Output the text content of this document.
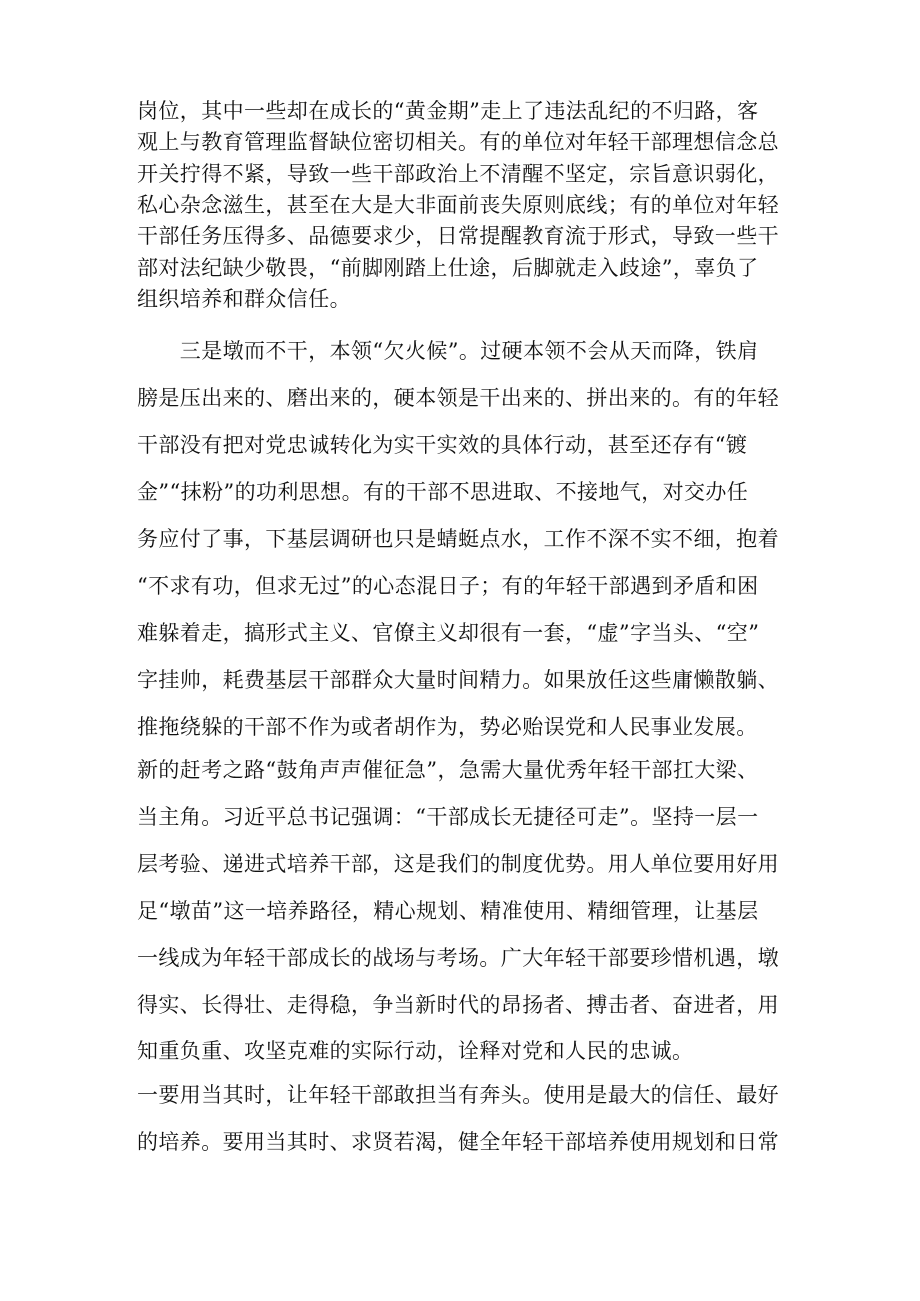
岗位，其中一些却在成长的“黄金期”走上了违法乱纪的不归路，客
观上与教育管理监督缺位密切相关。有的单位对年轻干部理想信念总
开关拧得不紧，导致一些干部政治上不清醒不坚定，宗旨意识弱化，
私心杂念滋生，甚至在大是大非面前丧失原则底线；有的单位对年轻
干部任务压得多、品德要求少，日常提醒教育流于形式，导致一些干
部对法纪缺少敬畏，“前脚刚踏上仕途，后脚就走入歧途”，辜负了
组织培养和群众信任。
　　三是墩而不干，本领“欠火候”。过硬本领不会从天而降，铁肩
膀是压出来的、磨出来的，硬本领是干出来的、拼出来的。有的年轻
干部没有把对党忠诚转化为实干实效的具体行动，甚至还存有“镀
金”“抹粉”的功利思想。有的干部不思进取、不接地气，对交办任
务应付了事，下基层调研也只是蜻蜓点水，工作不深不实不细，抱着
“不求有功，但求无过”的心态混日子；有的年轻干部遇到矛盾和困
难躲着走，搞形式主义、官僚主义却很有一套，“虚”字当头、“空”
字挂帅，耗费基层干部群众大量时间精力。如果放任这些庸懒散躺、
推拖绕躲的干部不作为或者胡作为，势必贻误党和人民事业发展。
新的赶考之路“鼓角声声催征急”，急需大量优秀年轻干部扛大梁、
当主角。习近平总书记强调：“干部成长无捷径可走”。坚持一层一
层考验、递进式培养干部，这是我们的制度优势。用人单位要用好用
足“墩苗”这一培养路径，精心规划、精准使用、精细管理，让基层
一线成为年轻干部成长的战场与考场。广大年轻干部要珍惜机遇，墩
得实、长得壮、走得稳，争当新时代的昂扬者、搏击者、奋进者，用
知重负重、攻坚克难的实际行动，诠释对党和人民的忠诚。
一要用当其时，让年轻干部敢担当有奔头。使用是最大的信任、最好
的培养。要用当其时、求贤若渴，健全年轻干部培养使用规划和日常
